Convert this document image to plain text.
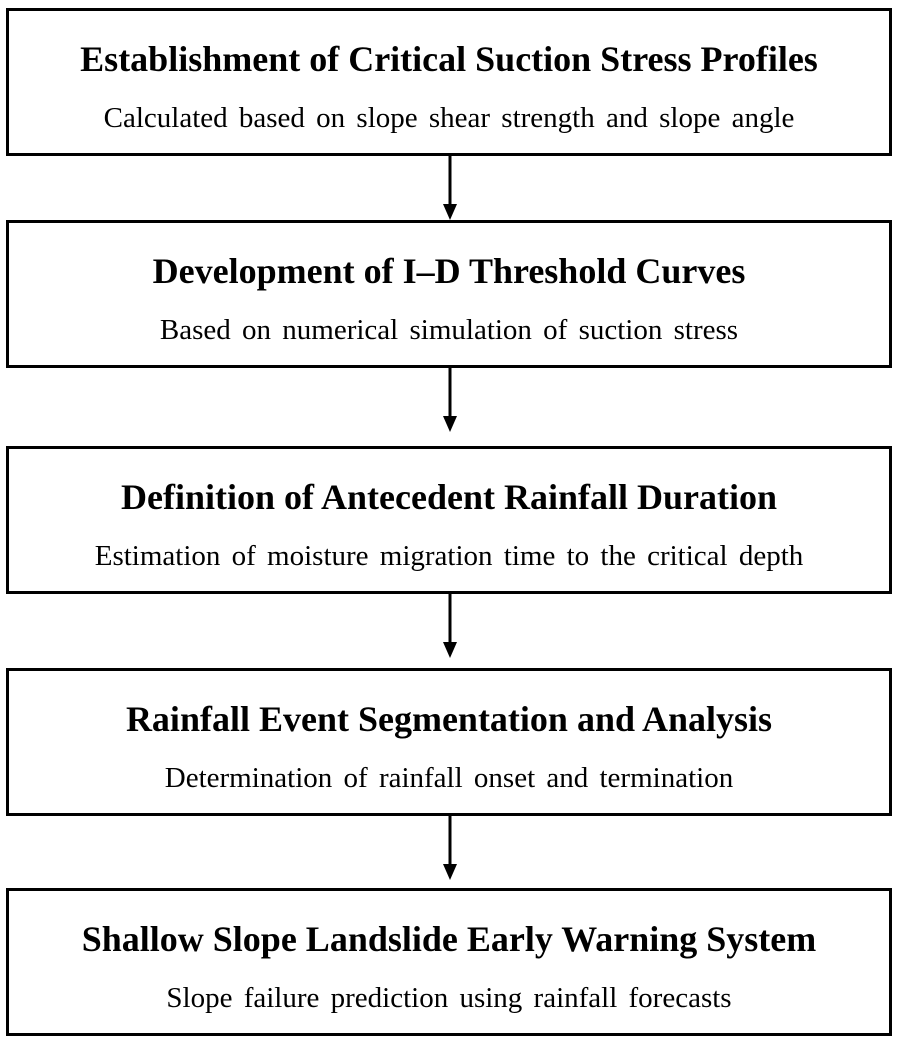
Establishment of Critical Suction Stress Profiles
Calculated based on slope shear strength and slope angle
Development of I–D Threshold Curves
Based on numerical simulation of suction stress
Definition of Antecedent Rainfall Duration
Estimation of moisture migration time to the critical depth
Rainfall Event Segmentation and Analysis
Determination of rainfall onset and termination
Shallow Slope Landslide Early Warning System
Slope failure prediction using rainfall forecasts
